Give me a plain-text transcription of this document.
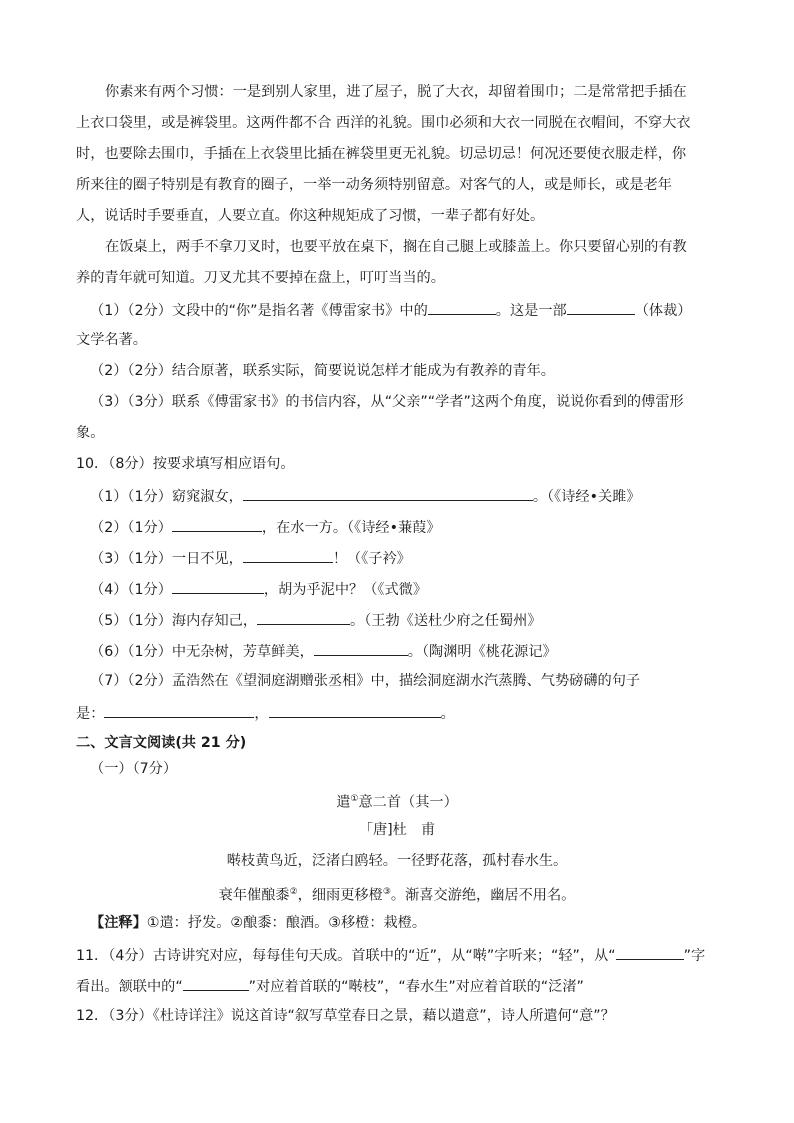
你素来有两个习惯：一是到别人家里，进了屋子，脱了大衣，却留着围巾；二是常常把手插在
上衣口袋里，或是裤袋里。这两件都不合 西洋的礼貌。围巾必须和大衣一同脱在衣帽间，不穿大衣
时，也要除去围巾，手插在上衣袋里比插在裤袋里更无礼貌。切忌切忌！何况还要使衣服走样，你
所来往的圈子特别是有教育的圈子，一举一动务须特别留意。对客气的人，或是师长，或是老年
人，说话时手要垂直，人要立直。你这种规矩成了习惯，一辈子都有好处。
在饭桌上，两手不拿刀叉时，也要平放在桌下，搁在自己腿上或膝盖上。你只要留心别的有教
养的青年就可知道。刀叉尤其不要掉在盘上，叮叮当当的。
（1）（2分）文段中的“你”是指名著《傅雷家书》中的	。这是一部	（体裁）
文学名著。
（2）（2分）结合原著，联系实际，简要说说怎样才能成为有教养的青年。
（3）（3分）联系《傅雷家书》的书信内容，从“父亲”“学者”这两个角度，说说你看到的傅雷形
象。
10．（8分）按要求填写相应语句。
（1）（1分）窈窕淑女，	。（《诗经•关雎》
（2）（1分）	，在水一方。（《诗经•蒹葭》
（3）（1分）一日不见，	！（《子衿》
（4）（1分）	，胡为乎泥中？（《式微》
（5）（1分）海内存知己，	。（王勃《送杜少府之任蜀州》
（6）（1分）中无杂树，芳草鲜美，	。（陶渊明《桃花源记》
（7）（2分）孟浩然在《望洞庭湖赠张丞相》中，描绘洞庭湖水汽蒸腾、气势磅礴的句子
是：	，	。
二、文言文阅读(共 21 分)
（一）（7分）
遣①意二首（其一）
「唐]杜　甫
啭枝黄鸟近，泛渚白鸥轻。一径野花落，孤村春水生。
衰年催酿黍②，细雨更移橙③。渐喜交游绝，幽居不用名。
【注释】①遣：抒发。②酿黍：酿酒。③移橙：栽橙。
11．（4分）古诗讲究对应，每每佳句天成。首联中的“近”，从“啭”字听来；“轻”，从“	”字
看出。颔联中的“	”对应着首联的“啭枝”，“春水生”对应着首联的“泛渚”
12．（3分）《杜诗详注》说这首诗“叙写草堂春日之景，藉以遣意”，诗人所遣何“意”？
